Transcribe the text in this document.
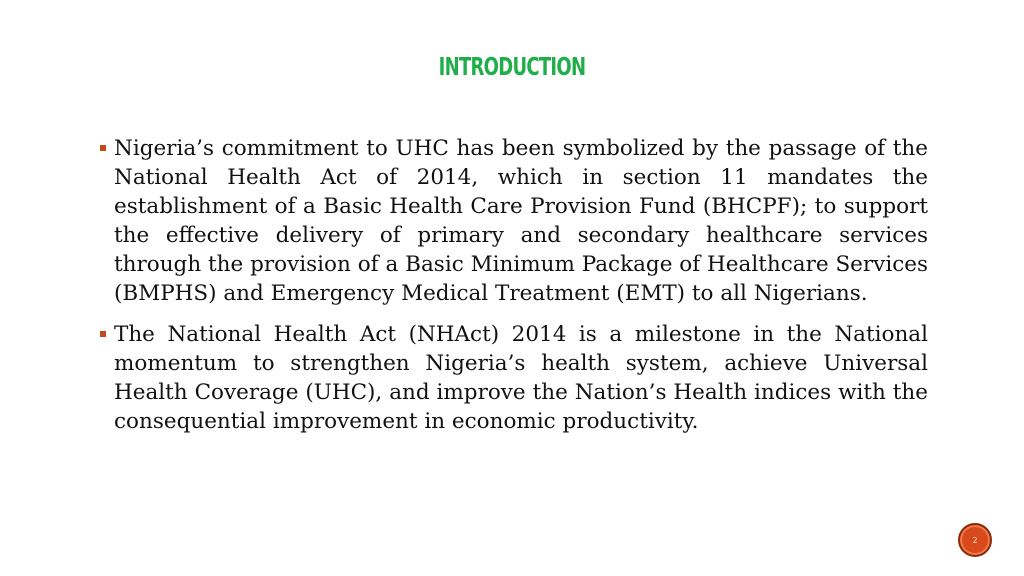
INTRODUCTION
Nigeria’s commitment to UHC has been symbolized by the passage of the National Health Act of 2014, which in section 11 mandates the establishment of a Basic Health Care Provision Fund (BHCPF); to support the effective delivery of primary and secondary healthcare services through the provision of a Basic Minimum Package of Healthcare Services (BMPHS) and Emergency Medical Treatment (EMT) to all Nigerians.
The National Health Act (NHAct) 2014 is a milestone in the National momentum to strengthen Nigeria’s health system, achieve Universal Health Coverage (UHC), and improve the Nation’s Health indices with the consequential improvement in economic productivity.
2
